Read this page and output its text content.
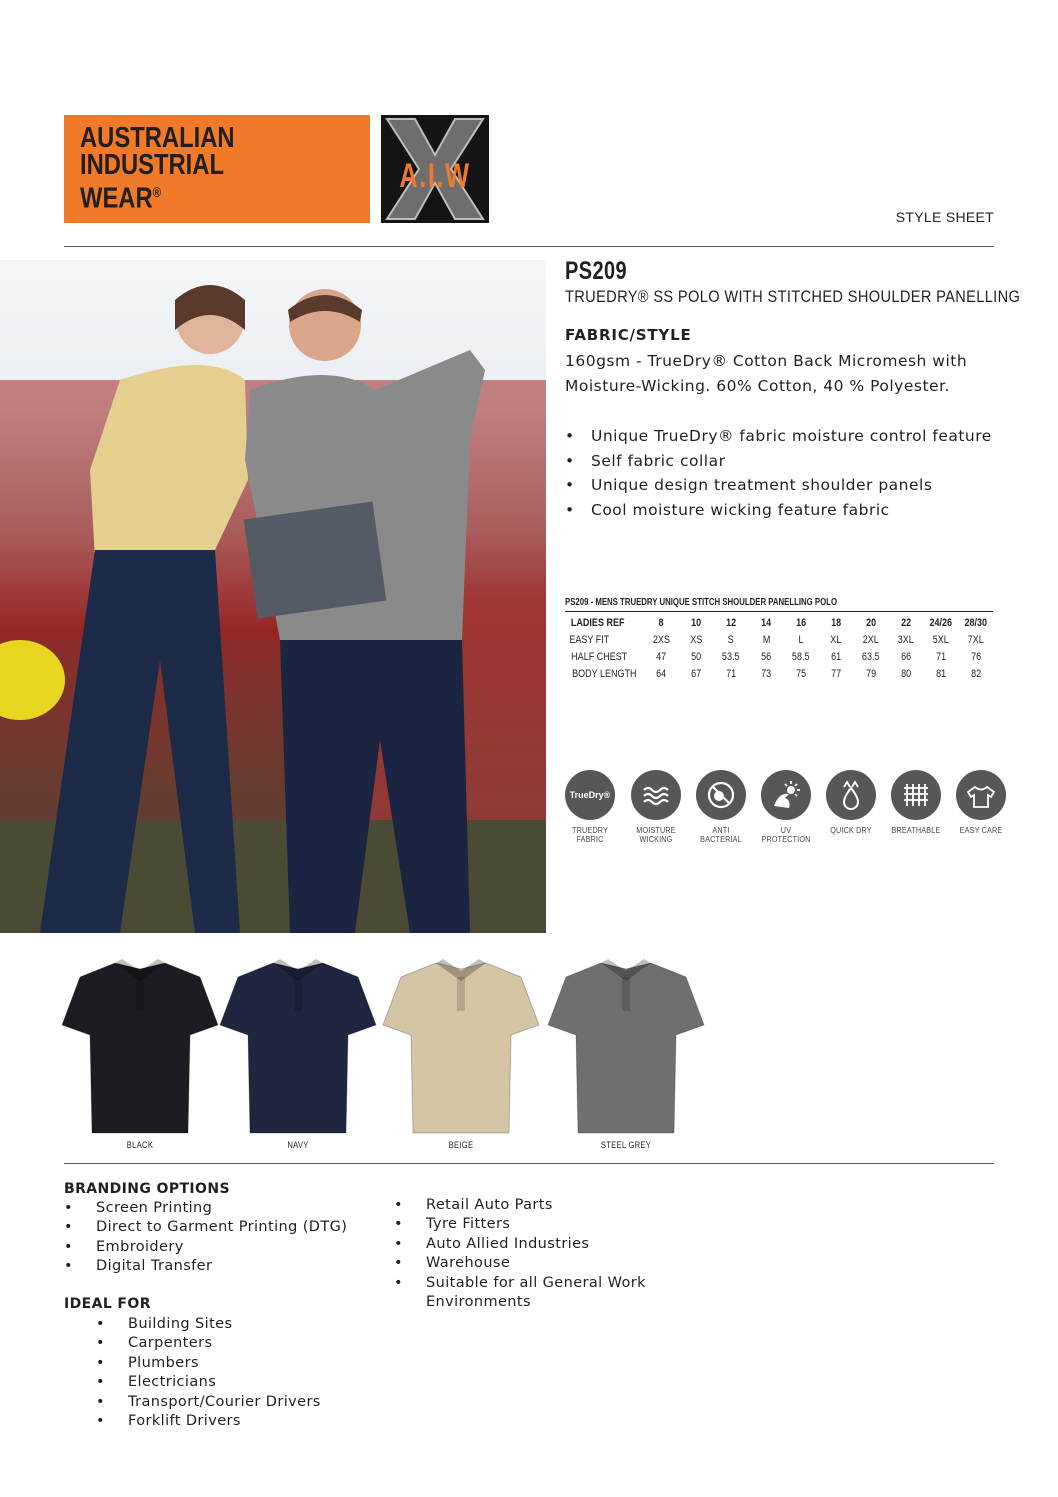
AUSTRALIAN
INDUSTRIAL
WEAR®	A.I.W
STYLE SHEET
PS209
TRUEDRY® SS POLO WITH STITCHED SHOULDER PANELLING
FABRIC/STYLE
160gsm - TrueDry® Cotton Back Micromesh with Moisture-Wicking. 60% Cotton, 40 % Polyester.
• Unique TrueDry® fabric moisture control feature
• Self fabric collar
• Unique design treatment shoulder panels
• Cool moisture wicking feature fabric
PS209 - MENS TRUEDRY UNIQUE STITCH SHOULDER PANELLING POLO
LADIES REF	8	10	12	14	16	18	20	22	24/26	28/30
EASY FIT	2XS	XS	S	M	L	XL	2XL	3XL	5XL	7XL
HALF CHEST	47	50	53.5	56	58.5	61	63.5	66	71	76
BODY LENGTH	64	67	71	73	75	77	79	80	81	82
TrueDry®
TRUEDRY FABRIC
MOISTURE WICKING
ANTI BACTERIAL
UV PROTECTION
QUICK DRY	BREATHABLE	EASY CARE
BLACK	NAVY	BEIGE	STEEL GREY
BRANDING OPTIONS
• Screen Printing
• Direct to Garment Printing (DTG)
• Embroidery
• Digital Transfer
IDEAL FOR
• Building Sites
• Carpenters
• Plumbers
• Electricians
• Transport/Courier Drivers
• Forklift Drivers
• Retail Auto Parts
• Tyre Fitters
• Auto Allied Industries
• Warehouse
• Suitable for all General Work Environments
